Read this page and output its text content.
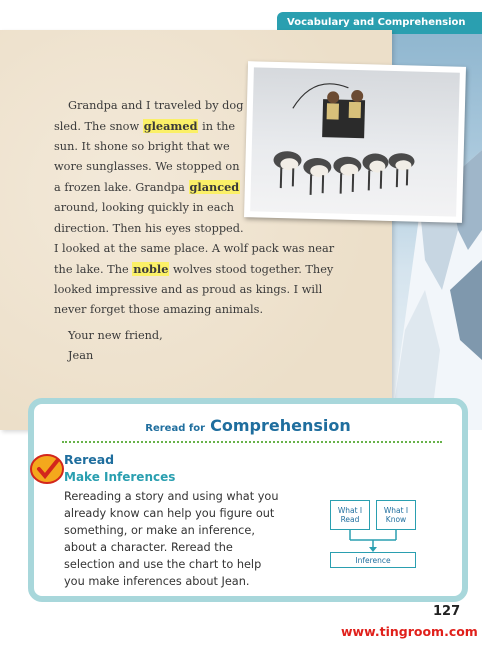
Vocabulary and Comprehension
Grandpa and I traveled by dog
sled. The snow gleamed in the
sun. It shone so bright that we
wore sunglasses. We stopped on
a frozen lake. Grandpa glanced
around, looking quickly in each
direction. Then his eyes stopped.
I looked at the same place. A wolf pack was near
the lake. The noble wolves stood together. They
looked impressive and as proud as kings. I will
never forget those amazing animals.
Your new friend,
Jean
Reread for Comprehension
Reread
Make Inferences
Rereading a story and using what you
already know can help you figure out
something, or make an inference,
about a character. Reread the
selection and use the chart to help
you make inferences about Jean.
What I Read
What I Know
Inference
127
www.tingroom.com
